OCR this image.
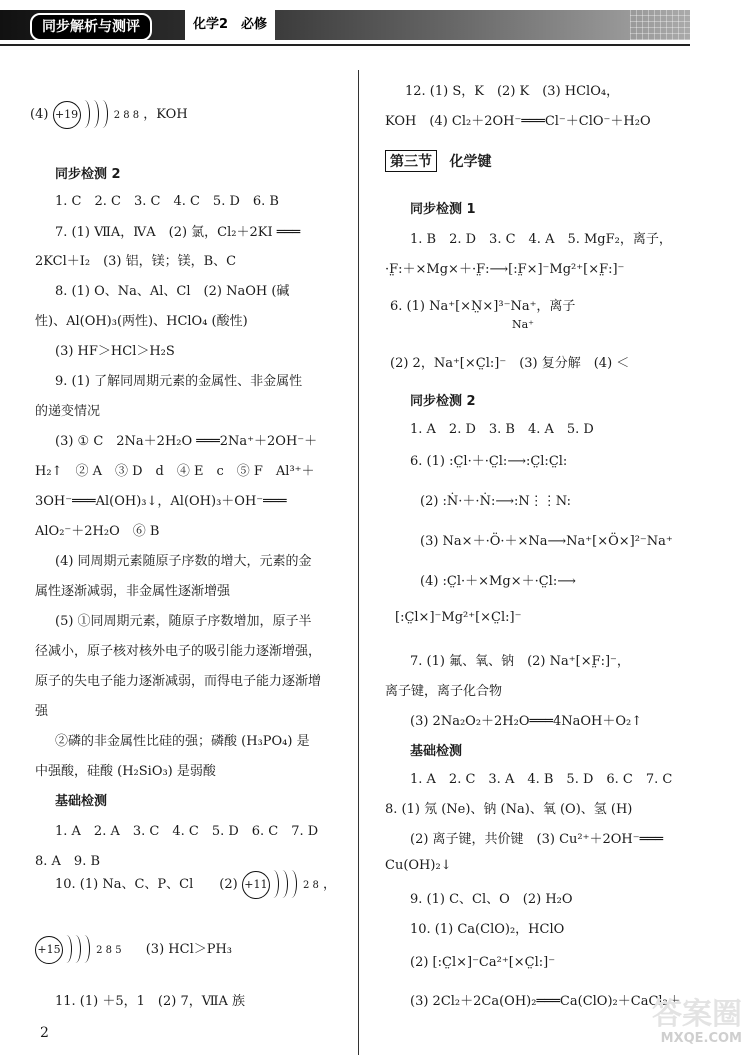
同步解析与测评	化学2　必修
(4) +19	2 8 8 ，KOH
同步检测 2
1. C　2. C　3. C　4. C　5. D　6. B
7. (1) ⅦA，ⅣA　(2) 氯，Cl₂＋2KI ═══
2KCl＋I₂　(3) 铝，镁；镁，B、C
8. (1) O、Na、Al、Cl　(2) NaOH (碱
性)、Al(OH)₃(两性)、HClO₄ (酸性)
(3) HF＞HCl＞H₂S
9. (1) 了解同周期元素的金属性、非金属性
的递变情况
(3) ① C　2Na＋2H₂O ═══2Na⁺＋2OH⁻＋
H₂↑　② A　③ D　d　④ E　c　⑤ F　Al³⁺＋
3OH⁻═══Al(OH)₃↓，Al(OH)₃＋OH⁻═══
AlO₂⁻＋2H₂O　⑥ B
(4) 同周期元素随原子序数的增大，元素的金
属性逐渐减弱，非金属性逐渐增强
(5) ①同周期元素，随原子序数增加，原子半
径减小，原子核对核外电子的吸引能力逐渐增强，
原子的失电子能力逐渐减弱，而得电子能力逐渐增
强
②磷的非金属性比硅的强；磷酸 (H₃PO₄) 是
中强酸，硅酸 (H₂SiO₃) 是弱酸
基础检测
1. A　2. A　3. C　4. C　5. D　6. C　7. D
8. A　9. B
10. (1) Na、C、P、Cl　　(2) +11	2 8 ，
+15	2 8 5 (3) HCl＞PH₃
11. (1) ＋5，1　(2) 7，ⅦA 族
12. (1) S，K　(2) K　(3) HClO₄，
KOH　(4) Cl₂＋2OH⁻═══Cl⁻＋ClO⁻＋H₂O
第三节 化学键
同步检测 1
1. B　2. D　3. C　4. A　5. MgF₂，离子，
·F̤:＋×Mg×＋·F̤:⟶[:F̤×]⁻Mg²⁺[×F̤:]⁻
6. (1) Na⁺[×N̤×]³⁻Na⁺，离子
Na⁺
(2) 2，Na⁺[×C̤l:]⁻　(3) 复分解　(4) ＜
同步检测 2
1. A　2. D　3. B　4. A　5. D
6. (1) :C̤l·＋·C̤l:⟶:C̤l:C̤l:
(2) :Ṅ·＋·Ṅ:⟶:N⋮⋮N:
(3) Na×＋·Ö·＋×Na⟶Na⁺[×Ö×]²⁻Na⁺
(4) :C̤l·＋×Mg×＋·C̤l:⟶
[:C̤l×]⁻Mg²⁺[×C̤l:]⁻
7. (1) 氟、氧、钠　(2) Na⁺[×F̤:]⁻，
离子键，离子化合物
(3) 2Na₂O₂＋2H₂O═══4NaOH＋O₂↑
基础检测
1. A　2. C　3. A　4. B　5. D　6. C　7. C
8. (1) 氖 (Ne)、钠 (Na)、氧 (O)、氢 (H)
(2) 离子键，共价键　(3) Cu²⁺＋2OH⁻═══
Cu(OH)₂↓
9. (1) C、Cl、O　(2) H₂O
10. (1) Ca(ClO)₂，HClO
(2) [:C̤l×]⁻Ca²⁺[×C̤l:]⁻
(3) 2Cl₂＋2Ca(OH)₂═══Ca(ClO)₂＋CaCl₂＋
2
答案圈
MXQE.COM
